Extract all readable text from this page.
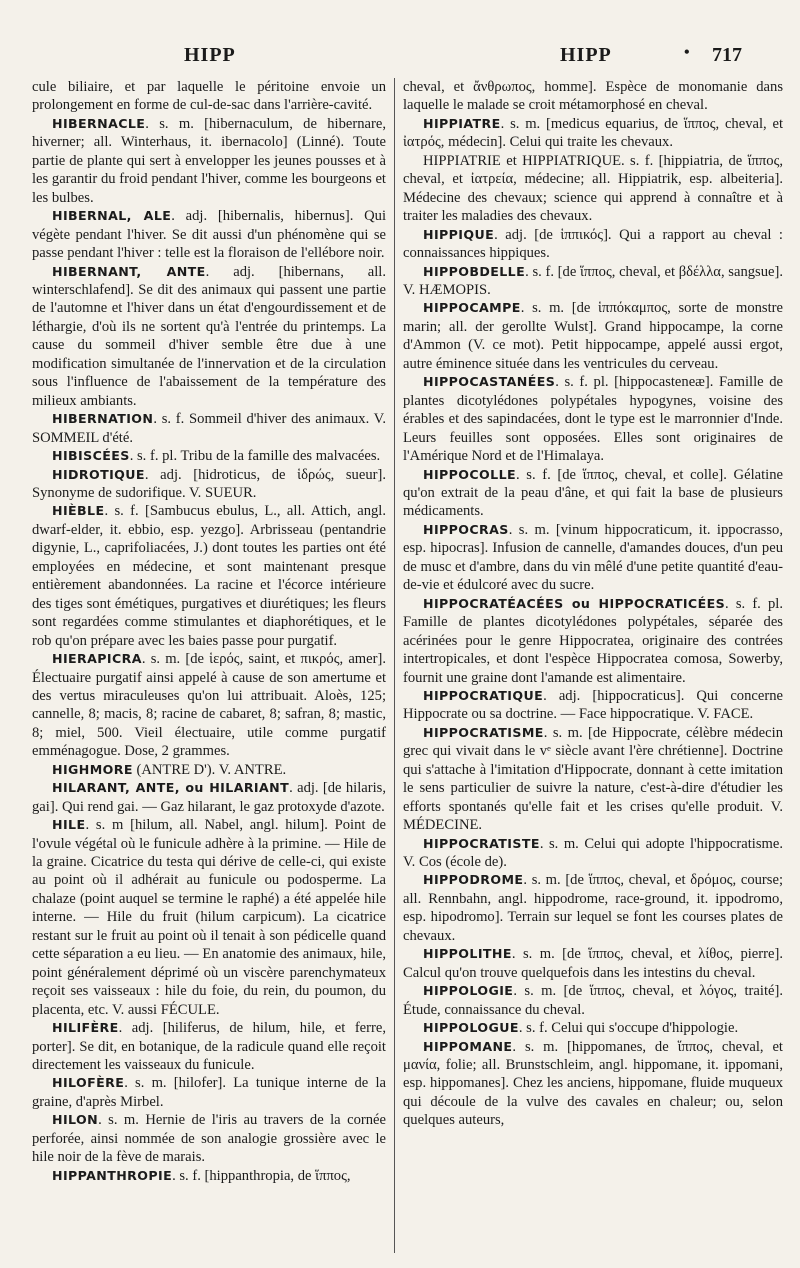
HIPP	HIPP	• 717

cule biliaire, et par laquelle le péritoine envoie un prolongement en forme de cul-de-sac dans l'arrière-cavité.

HIBERNACLE. s. m. [hibernaculum, de hibernare, hiverner; all. Winterhaus, it. ibernacolo] (Linné). Toute partie de plante qui sert à envelopper les jeunes pousses et à les garantir du froid pendant l'hiver, comme les bourgeons et les bulbes.

HIBERNAL, ALE. adj. [hibernalis, hibernus]. Qui végète pendant l'hiver. Se dit aussi d'un phénomène qui se passe pendant l'hiver : telle est la floraison de l'ellébore noir.

HIBERNANT, ANTE. adj. [hibernans, all. winterschlafend]. Se dit des animaux qui passent une partie de l'automne et l'hiver dans un état d'engourdissement et de léthargie, d'où ils ne sortent qu'à l'entrée du printemps. La cause du sommeil d'hiver semble être due à une modification simultanée de l'innervation et de la circulation sous l'influence de l'abaissement de la température des milieux ambiants.

HIBERNATION. s. f. Sommeil d'hiver des animaux. V. SOMMEIL d'été.

HIBISCÉES. s. f. pl. Tribu de la famille des malvacées.

HIDROTIQUE. adj. [hidroticus, de ἱδρώς, sueur]. Synonyme de sudorifique. V. SUEUR.

HIÈBLE. s. f. [Sambucus ebulus, L., all. Attich, angl. dwarf-elder, it. ebbio, esp. yezgo]. Arbrisseau (pentandrie digynie, L., caprifoliacées, J.) dont toutes les parties ont été employées en médecine, et sont maintenant presque entièrement abandonnées. La racine et l'écorce intérieure des tiges sont émétiques, purgatives et diurétiques; les fleurs sont regardées comme stimulantes et diaphorétiques, et le rob qu'on prépare avec les baies passe pour purgatif.

HIERAPICRA. s. m. [de ἱερός, saint, et πικρός, amer]. Électuaire purgatif ainsi appelé à cause de son amertume et des vertus miraculeuses qu'on lui attribuait. Aloès, 125; cannelle, 8; macis, 8; racine de cabaret, 8; safran, 8; mastic, 8; miel, 500. Vieil électuaire, utile comme purgatif emménagogue. Dose, 2 grammes.

HIGHMORE (ANTRE D'). V. ANTRE.

HILARANT, ANTE, ou HILARIANT. adj. [de hilaris, gai]. Qui rend gai. — Gaz hilarant, le gaz protoxyde d'azote.

HILE. s. m [hilum, all. Nabel, angl. hilum]. Point de l'ovule végétal où le funicule adhère à la primine. — Hile de la graine. Cicatrice du testa qui dérive de celle-ci, qui existe au point où il adhérait au funicule ou podosperme. La chalaze (point auquel se termine le raphé) a été appelée hile interne. — Hile du fruit (hilum carpicum). La cicatrice restant sur le fruit au point où il tenait à son pédicelle quand cette séparation a eu lieu. — En anatomie des animaux, hile, point généralement déprimé où un viscère parenchymateux reçoit ses vaisseaux : hile du foie, du rein, du poumon, du placenta, etc. V. aussi FÉCULE.

HILIFÈRE. adj. [hiliferus, de hilum, hile, et ferre, porter]. Se dit, en botanique, de la radicule quand elle reçoit directement les vaisseaux du funicule.

HILOFÈRE. s. m. [hilofer]. La tunique interne de la graine, d'après Mirbel.

HILON. s. m. Hernie de l'iris au travers de la cornée perforée, ainsi nommée de son analogie grossière avec le hile noir de la fève de marais.

HIPPANTHROPIE. s. f. [hippanthropia, de ἵππος,

cheval, et ἄνθρωπος, homme]. Espèce de monomanie dans laquelle le malade se croit métamorphosé en cheval.

HIPPIATRE. s. m. [medicus equarius, de ἵππος, cheval, et ἰατρός, médecin]. Celui qui traite les chevaux.

HIPPIATRIE et HIPPIATRIQUE. s. f. [hippiatria, de ἵππος, cheval, et ἰατρεία, médecine; all. Hippiatrik, esp. albeiteria]. Médecine des chevaux; science qui apprend à connaître et à traiter les maladies des chevaux.

HIPPIQUE. adj. [de ἱππικός]. Qui a rapport au cheval : connaissances hippiques.

HIPPOBDELLE. s. f. [de ἵππος, cheval, et βδέλλα, sangsue]. V. HÆMOPIS.

HIPPOCAMPE. s. m. [de ἱππόκαμπος, sorte de monstre marin; all. der gerollte Wulst]. Grand hippocampe, la corne d'Ammon (V. ce mot). Petit hippocampe, appelé aussi ergot, autre éminence située dans les ventricules du cerveau.

HIPPOCASTANÉES. s. f. pl. [hippocasteneæ]. Famille de plantes dicotylédones polypétales hypogynes, voisine des érables et des sapindacées, dont le type est le marronnier d'Inde. Leurs feuilles sont opposées. Elles sont originaires de l'Amérique Nord et de l'Himalaya.

HIPPOCOLLE. s. f. [de ἵππος, cheval, et colle]. Gélatine qu'on extrait de la peau d'âne, et qui fait la base de plusieurs médicaments.

HIPPOCRAS. s. m. [vinum hippocraticum, it. ippocrasso, esp. hipocras]. Infusion de cannelle, d'amandes douces, d'un peu de musc et d'ambre, dans du vin mêlé d'une petite quantité d'eau-de-vie et édulcoré avec du sucre.

HIPPOCRATÉACÉES ou HIPPOCRATICÉES. s. f. pl. Famille de plantes dicotylédones polypétales, séparée des acérinées pour le genre Hippocratea, originaire des contrées intertropicales, et dont l'espèce Hippocratea comosa, Sowerby, fournit une graine dont l'amande est alimentaire.

HIPPOCRATIQUE. adj. [hippocraticus]. Qui concerne Hippocrate ou sa doctrine. — Face hippocratique. V. FACE.

HIPPOCRATISME. s. m. [de Hippocrate, célèbre médecin grec qui vivait dans le vᵉ siècle avant l'ère chrétienne]. Doctrine qui s'attache à l'imitation d'Hippocrate, donnant à cette imitation le sens particulier de suivre la nature, c'est-à-dire d'étudier les efforts spontanés qu'elle fait et les crises qu'elle produit. V. MÉDECINE.

HIPPOCRATISTE. s. m. Celui qui adopte l'hippocratisme. V. Cos (école de).

HIPPODROME. s. m. [de ἵππος, cheval, et δρόμος, course; all. Rennbahn, angl. hippodrome, race-ground, it. ippodromo, esp. hipodromo]. Terrain sur lequel se font les courses plates de chevaux.

HIPPOLITHE. s. m. [de ἵππος, cheval, et λίθος, pierre]. Calcul qu'on trouve quelquefois dans les intestins du cheval.

HIPPOLOGIE. s. m. [de ἵππος, cheval, et λόγος, traité]. Étude, connaissance du cheval.

HIPPOLOGUE. s. f. Celui qui s'occupe d'hippologie.

HIPPOMANE. s. m. [hippomanes, de ἵππος, cheval, et μανία, folie; all. Brunstschleim, angl. hippomane, it. ippomani, esp. hippomanes]. Chez les anciens, hippomane, fluide muqueux qui découle de la vulve des cavales en chaleur; ou, selon quelques auteurs,
